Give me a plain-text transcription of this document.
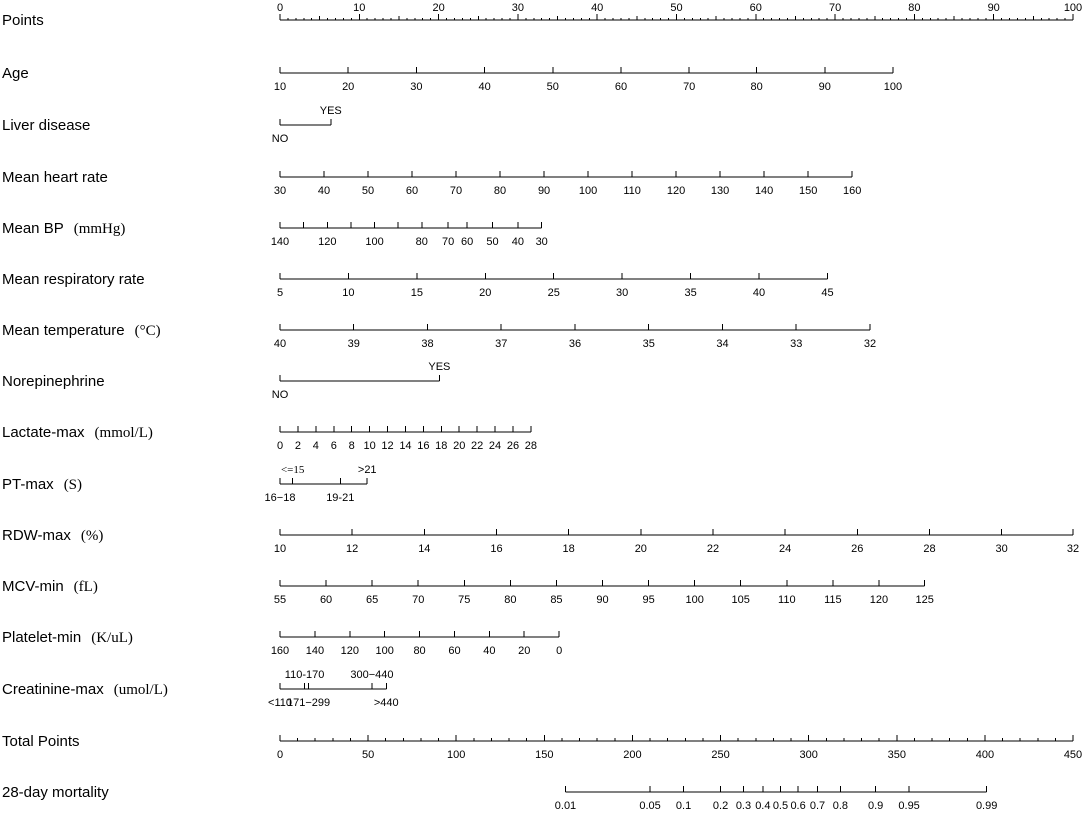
Points
0	10	20	30	40	50	60	70	80	90	100
Age
10	20	30	40	50	60	70	80	90	100
Liver disease
NO
YES
Mean heart rate
30	40	50	60	70	80	90	100 110 120 130 140 150 160
Mean BP (mmHg)
140	120	100	80 70 60 50 40 30
Mean respiratory rate
5	10	15	20	25	30	35	40	45
Mean temperature (°C)
40	39	38	37	36	35	34	33	32
Norepinephrine
NO
YES
Lactate-max (mmol/L)
0 2 4 6 8 10 12 14 16 18 20 22 24 26 28
PT-max (S)
16−18
<=15
19-21
>21
RDW-max (%)
10	12	14	16	18	20	22	24	26	28	30	32
MCV-min (fL)
55	60	65	70	75	80	85	90	95	100	105	110	115	120 125
Platelet-min (K/uL)
160 140 120 100 80 60 40 20 0
Creatinine-max (umol/L)
<110
110-170
171−299
300−440
>440
Total Points
0	50	100	150	200	250	300	350	400	450
28-day mortality
0.01	0.05 0.1 0.2 0.3 0.4 0.5 0.6 0.7 0.8 0.9 0.95	0.99
